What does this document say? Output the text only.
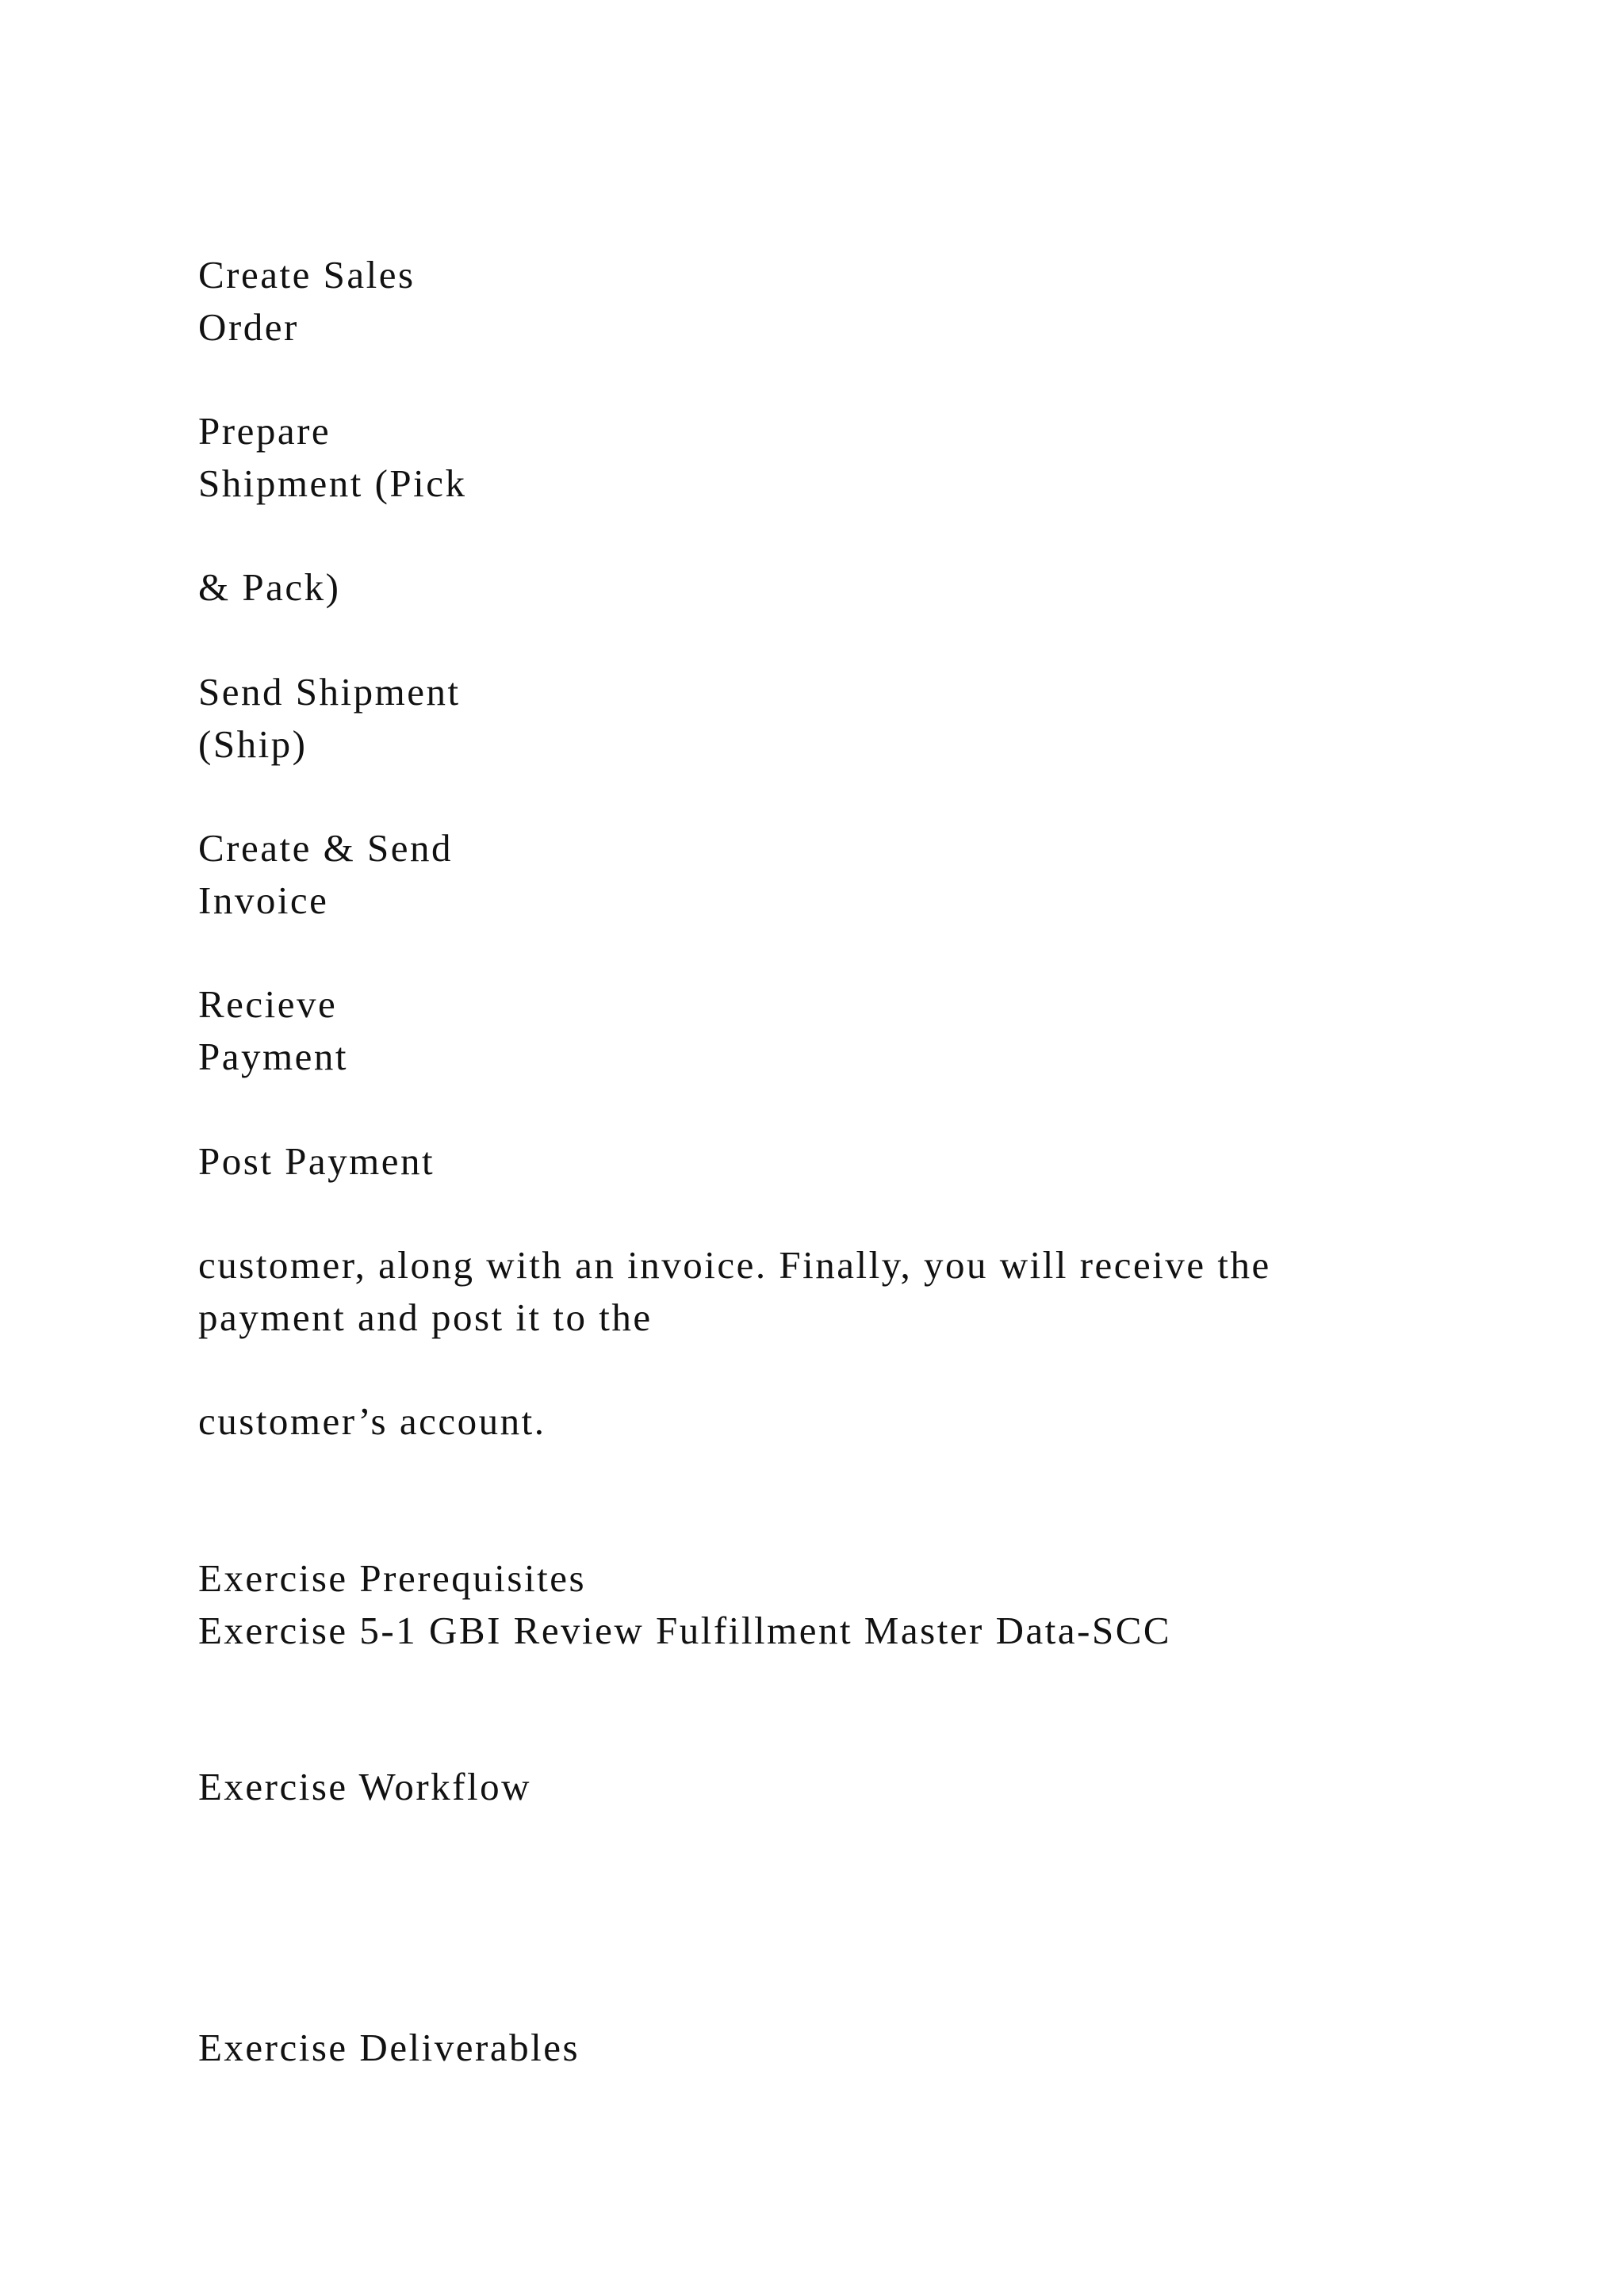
Create Sales

Order

Prepare

Shipment (Pick

& Pack)

Send Shipment

(Ship)

Create & Send

Invoice

Recieve

Payment

Post Payment

customer, along with an invoice. Finally, you will receive the

payment and post it to the

customer’s account.

Exercise Prerequisites

Exercise 5-1 GBI Review Fulfillment Master Data-SCC

Exercise Workflow

Exercise Deliverables
